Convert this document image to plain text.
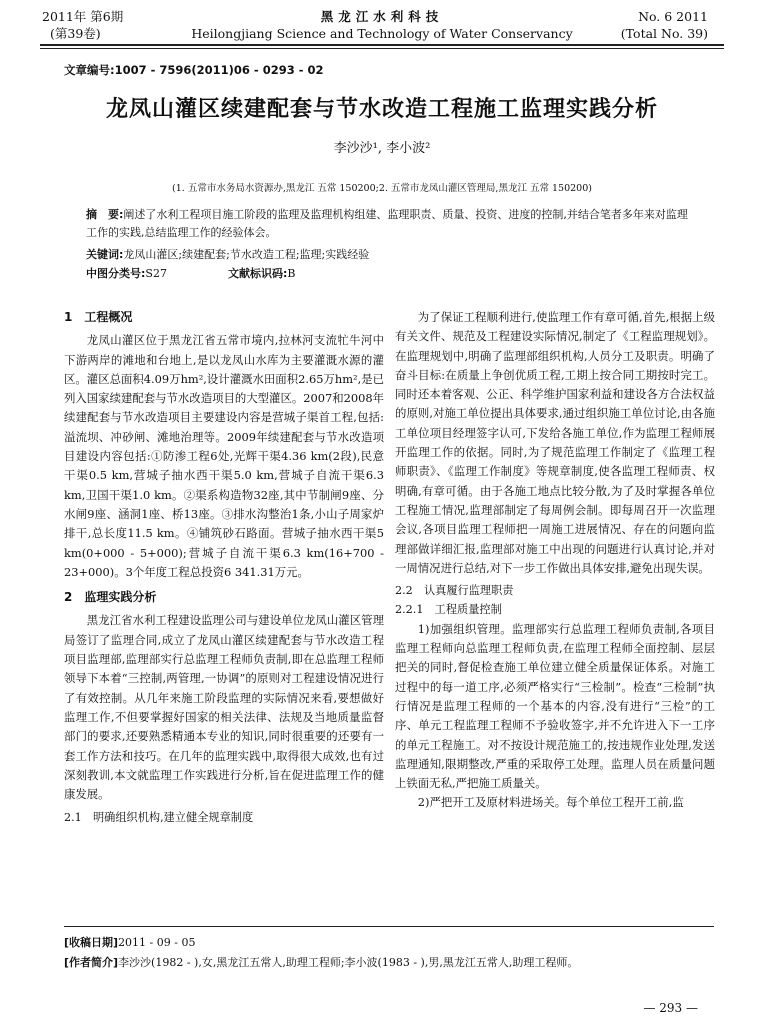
2011年 第6期
(第39卷)
黑龙江水利科技
Heilongjiang Science and Technology of Water Conservancy
No. 6 2011
(Total No. 39)
文章编号:1007 - 7596(2011)06 - 0293 - 02
龙凤山灌区续建配套与节水改造工程施工监理实践分析
李沙沙¹, 李小波²
(1. 五常市水务局水资源办,黑龙江 五常 150200;2. 五常市龙凤山灌区管理局,黑龙江 五常 150200)
摘　要:阐述了水利工程项目施工阶段的监理及监理机构组建、监理职责、质量、投资、进度的控制,并结合笔者多年来对监理工作的实践,总结监理工作的经验体会。
关键词:龙凤山灌区;续建配套;节水改造工程;监理;实践经验
中图分类号:S27	文献标识码:B

1　工程概况

龙凤山灌区位于黑龙江省五常市境内,拉林河支流牤牛河中下游两岸的滩地和台地上,是以龙凤山水库为主要灌溉水源的灌区。灌区总面积4.09万hm²,设计灌溉水田面积2.65万hm²,是已列入国家续建配套与节水改造项目的大型灌区。2007和2008年续建配套与节水改造项目主要建设内容是营城子渠首工程,包括:溢流坝、冲砂闸、滩地治理等。2009年续建配套与节水改造项目建设内容包括:①防渗工程6处,光辉干渠4.36 km(2段),民意干渠0.5 km,营城子抽水西干渠5.0 km,营城子自流干渠6.3 km,卫国干渠1.0 km。②渠系构造物32座,其中节制闸9座、分水闸9座、涵洞1座、桥13座。③排水沟整治1条,小山子周家炉排干,总长度11.5 km。④铺筑砂石路面。营城子抽水西干渠5 km(0+000 - 5+000);营城子自流干渠6.3 km(16+700 - 23+000)。3个年度工程总投资6 341.31万元。

2　监理实践分析

黑龙江省水利工程建设监理公司与建设单位龙凤山灌区管理局签订了监理合同,成立了龙凤山灌区续建配套与节水改造工程项目监理部,监理部实行总监理工程师负责制,即在总监理工程师领导下本着“三控制,两管理,一协调”的原则对工程建设情况进行了有效控制。从几年来施工阶段监理的实际情况来看,要想做好监理工作,不但要掌握好国家的相关法律、法规及当地质量监督部门的要求,还要熟悉精通本专业的知识,同时很重要的还要有一套工作方法和技巧。在几年的监理实践中,取得很大成效,也有过深刻教训,本文就监理工作实践进行分析,旨在促进监理工作的健康发展。

2.1　明确组织机构,建立健全规章制度

为了保证工程顺利进行,使监理工作有章可循,首先,根据上级有关文件、规范及工程建设实际情况,制定了《工程监理规划》。在监理规划中,明确了监理部组织机构,人员分工及职责。明确了奋斗目标:在质量上争创优质工程,工期上按合同工期按时完工。同时还本着客观、公正、科学维护国家利益和建设各方合法权益的原则,对施工单位提出具体要求,通过组织施工单位讨论,由各施工单位项目经理签字认可,下发给各施工单位,作为监理工程师展开监理工作的依据。同时,为了规范监理工作制定了《监理工程师职责》、《监理工作制度》等规章制度,使各监理工程师责、权明确,有章可循。由于各施工地点比较分散,为了及时掌握各单位工程施工情况,监理部制定了每周例会制。即每周召开一次监理会议,各项目监理工程师把一周施工进展情况、存在的问题向监理部做详细汇报,监理部对施工中出现的问题进行认真讨论,并对一周情况进行总结,对下一步工作做出具体安排,避免出现失误。

2.2　认真履行监理职责

2.2.1　工程质量控制

1)加强组织管理。监理部实行总监理工程师负责制,各项目监理工程师向总监理工程师负责,在监理工程师全面控制、层层把关的同时,督促检查施工单位建立健全质量保证体系。对施工过程中的每一道工序,必须严格实行“三检制”。检查“三检制”执行情况是监理工程师的一个基本的内容,没有进行“三检”的工序、单元工程监理工程师不予验收签字,并不允许进入下一工序的单元工程施工。对不按设计规范施工的,按违规作业处理,发送监理通知,限期整改,严重的采取停工处理。监理人员在质量问题上铁面无私,严把施工质量关。

2)严把开工及原材料进场关。每个单位工程开工前,监

[收稿日期]2011 - 09 - 05
[作者简介]李沙沙(1982 - ),女,黑龙江五常人,助理工程师;李小波(1983 - ),男,黑龙江五常人,助理工程师。
— 293 —
